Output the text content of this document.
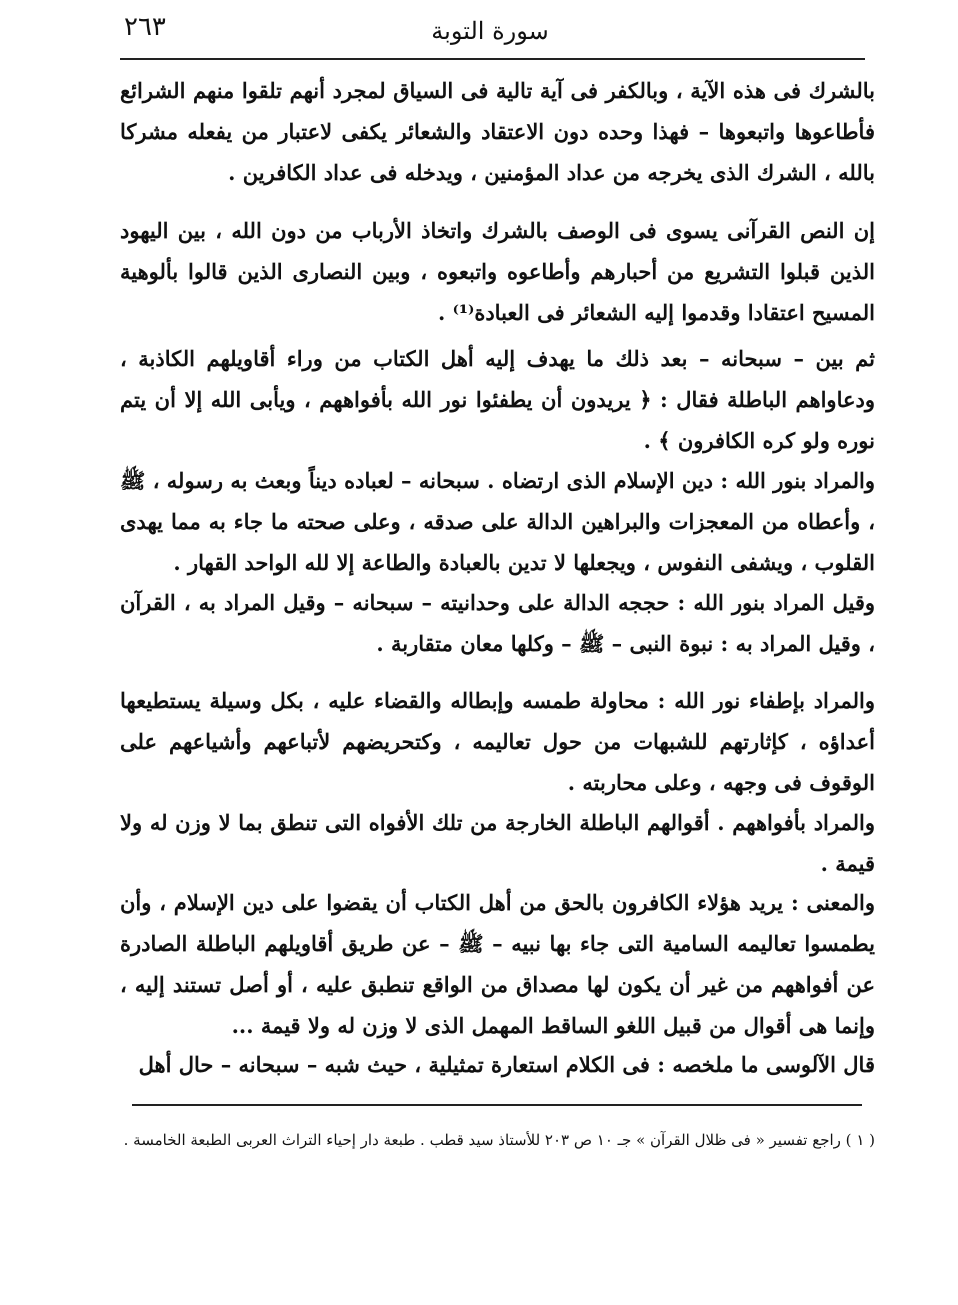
٢٦٣	سورة التوبة
بالشرك فى هذه الآية ، وبالكفر فى آية تالية فى السياق لمجرد أنهم تلقوا منهم الشرائع فأطاعوها واتبعوها – فهذا وحده دون الاعتقاد والشعائر يكفى لاعتبار من يفعله مشركا بالله ، الشرك الذى يخرجه من عداد المؤمنين ، ويدخله فى عداد الكافرين .
إن النص القرآنى يسوى فى الوصف بالشرك واتخاذ الأرباب من دون الله ، بين اليهود الذين قبلوا التشريع من أحبارهم وأطاعوه واتبعوه ، وبين النصارى الذين قالوا بألوهية المسيح اعتقادا وقدموا إليه الشعائر فى العبادة⁽¹⁾ .
ثم بين – سبحانه – بعد ذلك ما يهدف إليه أهل الكتاب من وراء أقاويلهم الكاذبة ، ودعاواهم الباطلة فقال : ﴿ يريدون أن يطفئوا نور الله بأفواههم ، ويأبى الله إلا أن يتم نوره ولو كره الكافرون ﴾ .
والمراد بنور الله : دين الإسلام الذى ارتضاه . سبحانه – لعباده ديناً وبعث به رسوله ، ﷺ ، وأعطاه من المعجزات والبراهين الدالة على صدقه ، وعلى صحته ما جاء به مما يهدى القلوب ، ويشفى النفوس ، ويجعلها لا تدين بالعبادة والطاعة إلا لله الواحد القهار .
وقيل المراد بنور الله : حججه الدالة على وحدانيته – سبحانه – وقيل المراد به ، القرآن ، وقيل المراد به : نبوة النبى – ﷺ – وكلها معان متقاربة .
والمراد بإطفاء نور الله : محاولة طمسه وإبطاله والقضاء عليه ، بكل وسيلة يستطيعها أعداؤه ، كإثارتهم للشبهات من حول تعاليمه ، وكتحريضهم لأتباعهم وأشياعهم على الوقوف فى وجهه ، وعلى محاربته .
والمراد بأفواههم . أقوالهم الباطلة الخارجة من تلك الأفواه التى تنطق بما لا وزن له ولا قيمة .
والمعنى : يريد هؤلاء الكافرون بالحق من أهل الكتاب أن يقضوا على دين الإسلام ، وأن يطمسوا تعاليمه السامية التى جاء بها نبيه – ﷺ – عن طريق أقاويلهم الباطلة الصادرة عن أفواههم من غير أن يكون لها مصداق من الواقع تنطبق عليه ، أو أصل تستند إليه ، وإنما هى أقوال من قبيل اللغو الساقط المهمل الذى لا وزن له ولا قيمة ...
قال الآلوسى ما ملخصه : فى الكلام استعارة تمثيلية ، حيث شبه – سبحانه – حال أهل
( ١ ) راجع تفسير « فى ظلال القرآن » جـ ١٠ ص ٢٠٣ للأستاذ سيد قطب . طبعة دار إحياء التراث العربى الطبعة الخامسة .
